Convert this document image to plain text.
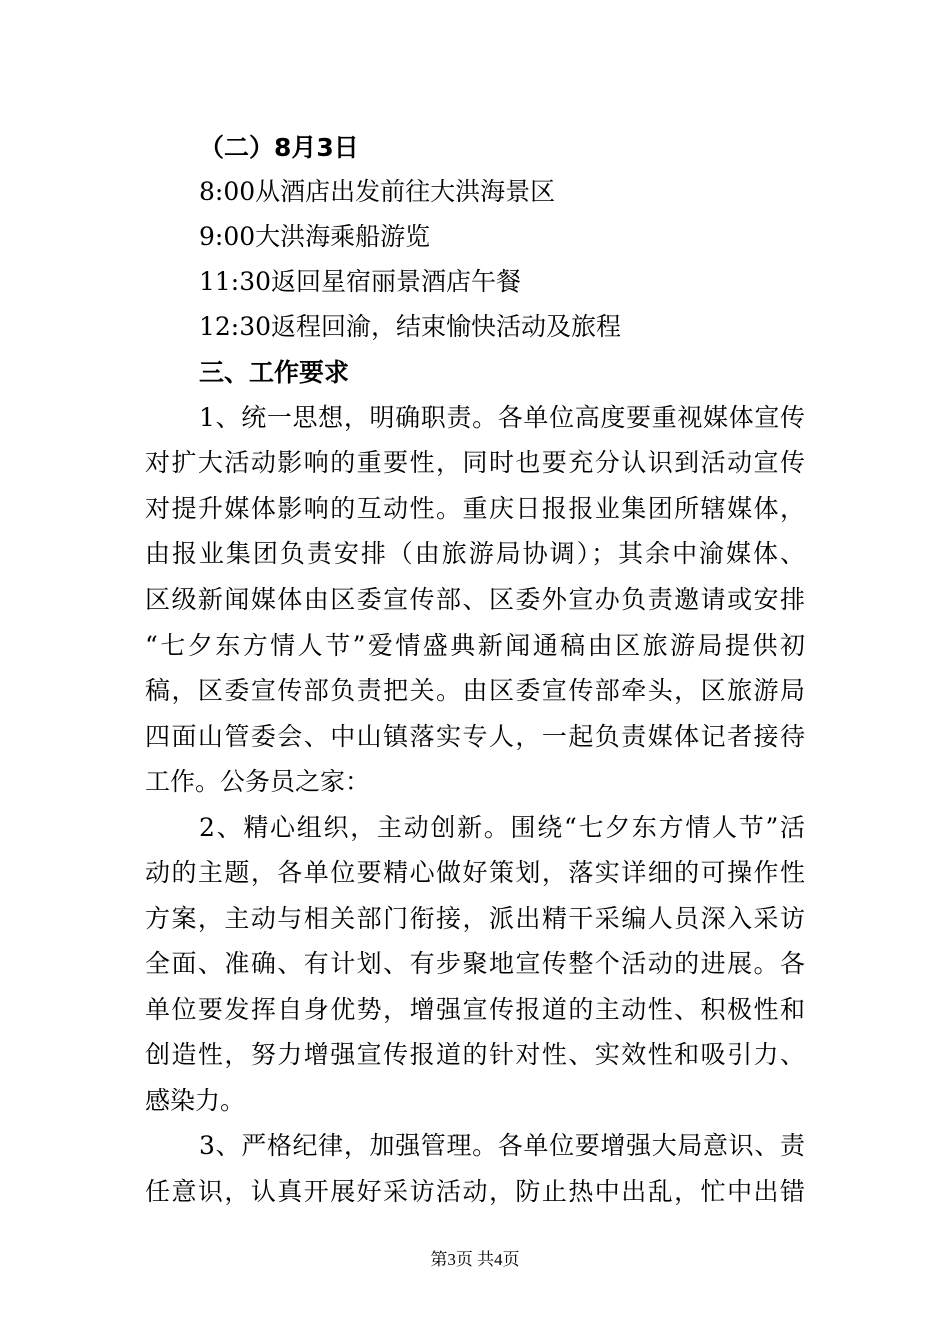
（二）8月3日
8:00从酒店出发前往大洪海景区
9:00大洪海乘船游览
11:30返回星宿丽景酒店午餐
12:30返程回渝，结束愉快活动及旅程
三、工作要求
1、统一思想，明确职责。各单位高度要重视媒体宣传
对扩大活动影响的重要性，同时也要充分认识到活动宣传
对提升媒体影响的互动性。重庆日报报业集团所辖媒体，
由报业集团负责安排（由旅游局协调）；其余中渝媒体、
区级新闻媒体由区委宣传部、区委外宣办负责邀请或安排
“七夕东方情人节”爱情盛典新闻通稿由区旅游局提供初
稿，区委宣传部负责把关。由区委宣传部牵头，区旅游局
四面山管委会、中山镇落实专人，一起负责媒体记者接待
工作。公务员之家：
2、精心组织，主动创新。围绕“七夕东方情人节”活
动的主题，各单位要精心做好策划，落实详细的可操作性
方案，主动与相关部门衔接，派出精干采编人员深入采访
全面、准确、有计划、有步聚地宣传整个活动的进展。各
单位要发挥自身优势，增强宣传报道的主动性、积极性和
创造性，努力增强宣传报道的针对性、实效性和吸引力、
感染力。
3、严格纪律，加强管理。各单位要增强大局意识、责
任意识，认真开展好采访活动，防止热中出乱，忙中出错
第3页 共4页
